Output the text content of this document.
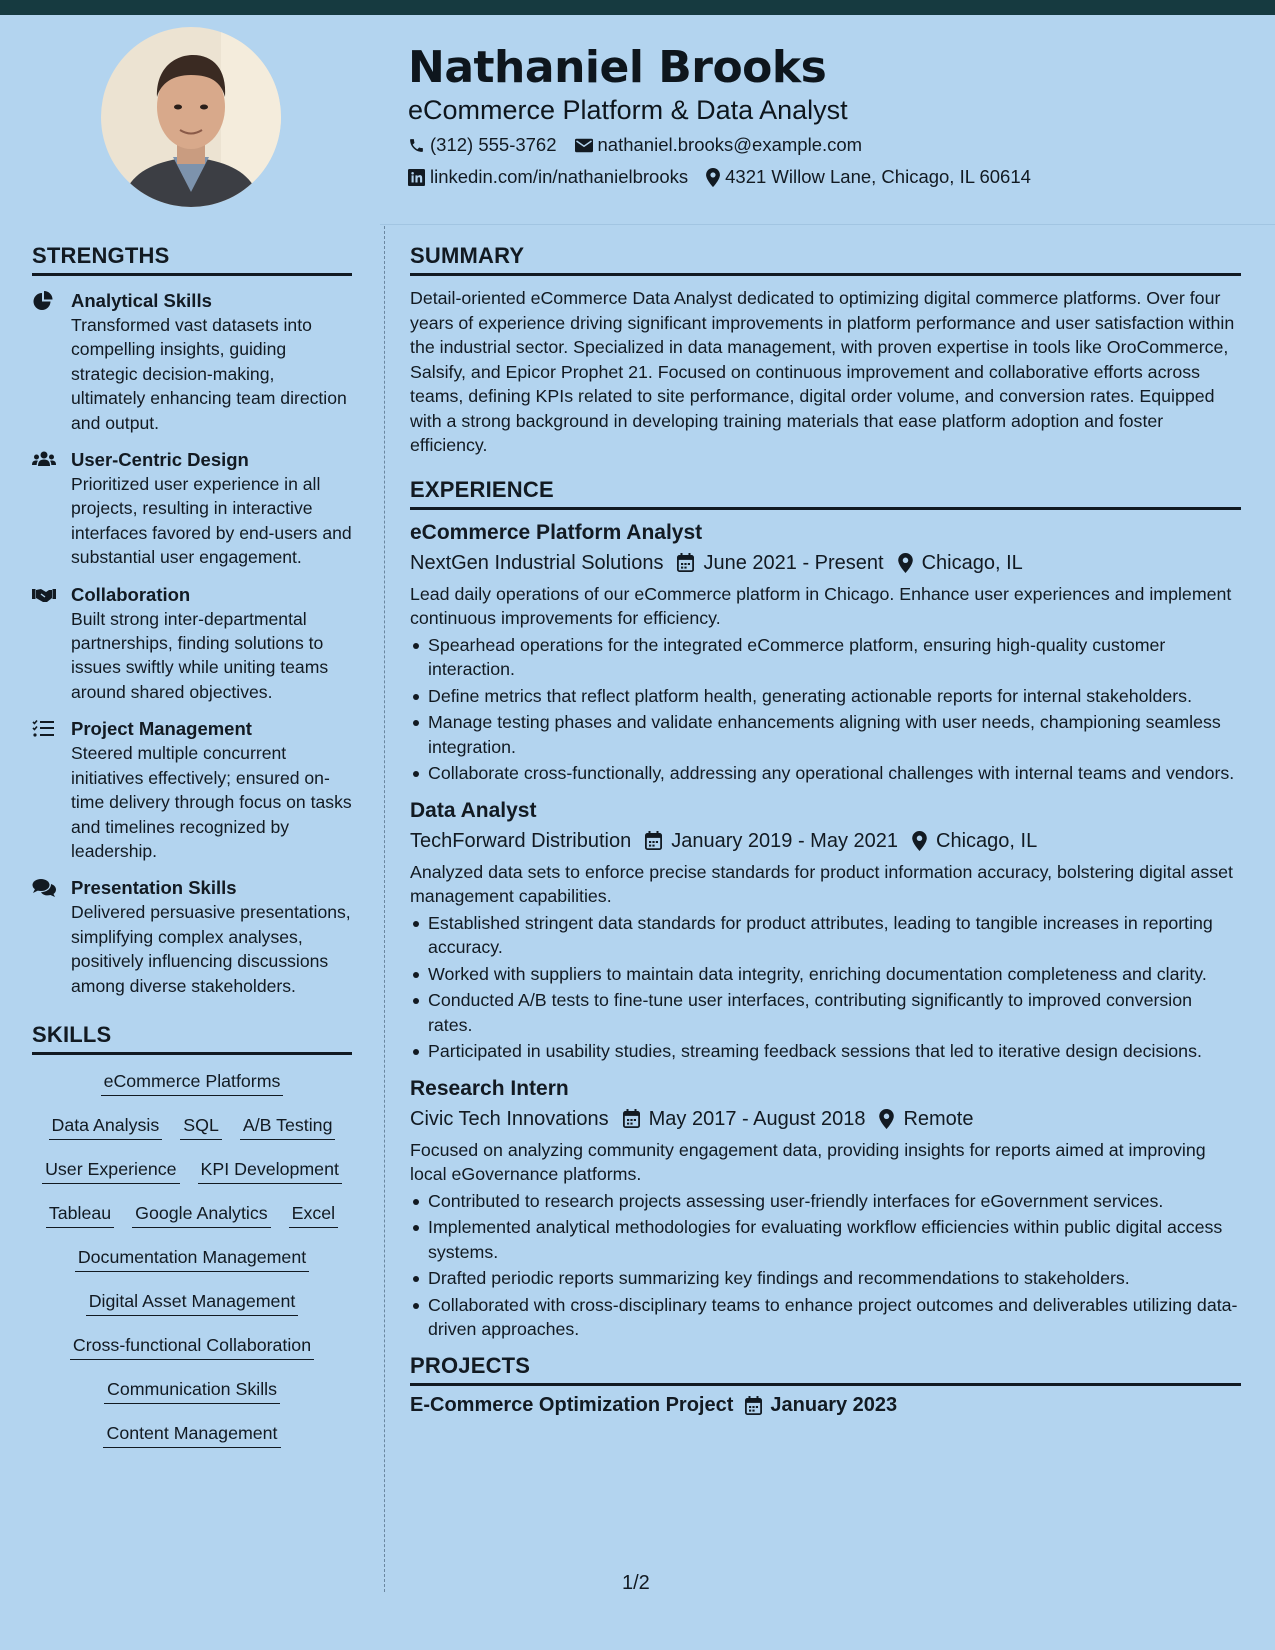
Nathaniel Brooks
eCommerce Platform & Data Analyst
(312) 555-3762 nathaniel.brooks@example.com
linkedin.com/in/nathanielbrooks 4321 Willow Lane, Chicago, IL 60614
STRENGTHS
Analytical Skills
Transformed vast datasets into compelling insights, guiding strategic decision-making, ultimately enhancing team direction and output.
User-Centric Design
Prioritized user experience in all projects, resulting in interactive interfaces favored by end-users and substantial user engagement.
Collaboration
Built strong inter-departmental partnerships, finding solutions to issues swiftly while uniting teams around shared objectives.
Project Management
Steered multiple concurrent initiatives effectively; ensured on-time delivery through focus on tasks and timelines recognized by leadership.
Presentation Skills
Delivered persuasive presentations, simplifying complex analyses, positively influencing discussions among diverse stakeholders.
SKILLS
eCommerce Platforms
Data Analysis SQL A/B Testing
User Experience KPI Development
Tableau Google Analytics Excel
Documentation Management
Digital Asset Management
Cross-functional Collaboration
Communication Skills
Content Management
SUMMARY
Detail-oriented eCommerce Data Analyst dedicated to optimizing digital commerce platforms. Over four years of experience driving significant improvements in platform performance and user satisfaction within the industrial sector. Specialized in data management, with proven expertise in tools like OroCommerce, Salsify, and Epicor Prophet 21. Focused on continuous improvement and collaborative efforts across teams, defining KPIs related to site performance, digital order volume, and conversion rates. Equipped with a strong background in developing training materials that ease platform adoption and foster efficiency.
EXPERIENCE
eCommerce Platform Analyst
NextGen Industrial Solutions June 2021 - Present Chicago, IL
Lead daily operations of our eCommerce platform in Chicago. Enhance user experiences and implement continuous improvements for efficiency.
Spearhead operations for the integrated eCommerce platform, ensuring high-quality customer interaction.
Define metrics that reflect platform health, generating actionable reports for internal stakeholders.
Manage testing phases and validate enhancements aligning with user needs, championing seamless integration.
Collaborate cross-functionally, addressing any operational challenges with internal teams and vendors.
Data Analyst
TechForward Distribution January 2019 - May 2021 Chicago, IL
Analyzed data sets to enforce precise standards for product information accuracy, bolstering digital asset management capabilities.
Established stringent data standards for product attributes, leading to tangible increases in reporting accuracy.
Worked with suppliers to maintain data integrity, enriching documentation completeness and clarity.
Conducted A/B tests to fine-tune user interfaces, contributing significantly to improved conversion rates.
Participated in usability studies, streaming feedback sessions that led to iterative design decisions.
Research Intern
Civic Tech Innovations May 2017 - August 2018 Remote
Focused on analyzing community engagement data, providing insights for reports aimed at improving local eGovernance platforms.
Contributed to research projects assessing user-friendly interfaces for eGovernment services.
Implemented analytical methodologies for evaluating workflow efficiencies within public digital access systems.
Drafted periodic reports summarizing key findings and recommendations to stakeholders.
Collaborated with cross-disciplinary teams to enhance project outcomes and deliverables utilizing data-driven approaches.
PROJECTS
E-Commerce Optimization Project January 2023
1/2
